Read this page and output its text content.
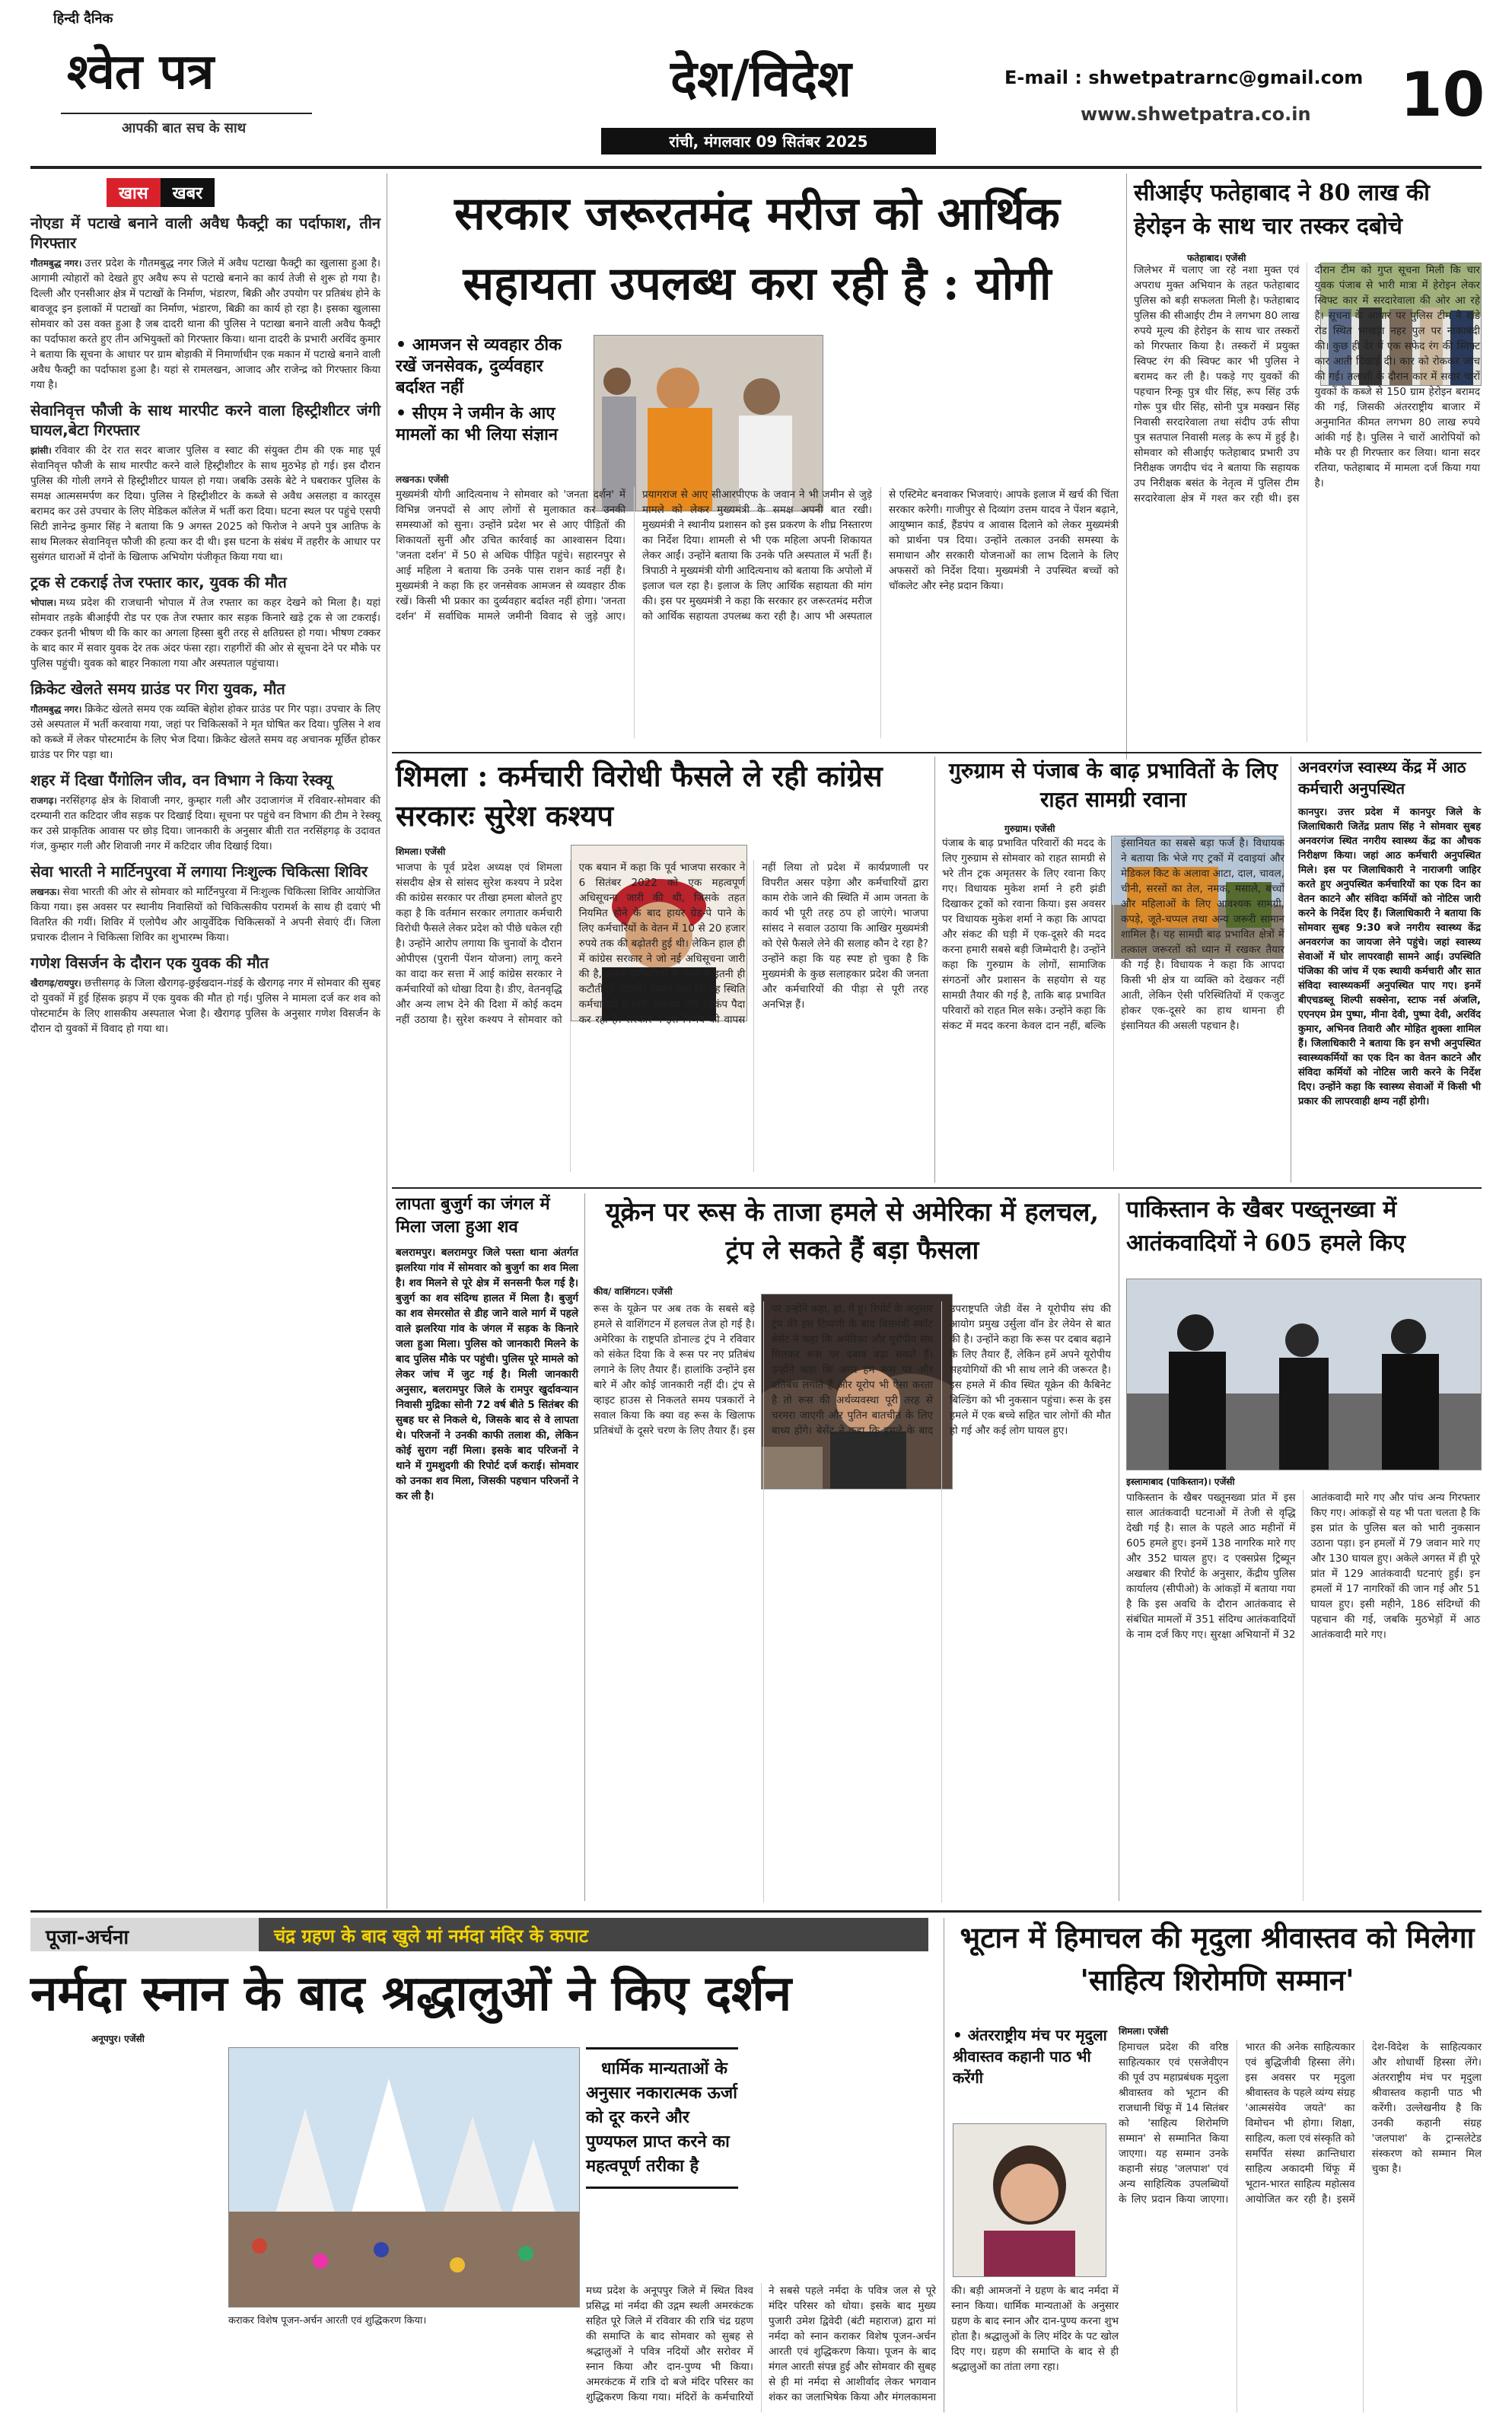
हिन्दी दैनिक
श्वेत पत्र
आपकी बात सच के साथ
देश/विदेश
रांची, मंगलवार 09 सितंबर 2025
E-mail : shwetpatrarnc@gmail.com
www.shwetpatra.co.in 10
खास खबर
नोएडा में पटाखे बनाने वाली अवैध फैक्ट्री का पर्दाफाश, तीन गिरफ्तार

गौतमबुद्ध नगर। उत्तर प्रदेश के गौतमबुद्ध नगर जिले में अवैध पटाखा फैक्ट्री का खुलासा हुआ है। आगामी त्योहारों को देखते हुए अवैध रूप से पटाखे बनाने का कार्य तेजी से शुरू हो गया है। दिल्ली और एनसीआर क्षेत्र में पटाखों के निर्माण, भंडारण, बिक्री और उपयोग पर प्रतिबंध होने के बावजूद इन इलाकों में पटाखों का निर्माण, भंडारण, बिक्री का कार्य हो रहा है। इसका खुलासा सोमवार को उस वक्त हुआ है जब दादरी थाना की पुलिस ने पटाखा बनाने वाली अवैध फैक्ट्री का पर्दाफाश करते हुए तीन अभियुक्तों को गिरफ्तार किया। थाना दादरी के प्रभारी अरविंद कुमार ने बताया कि सूचना के आधार पर ग्राम बोड़ाकी में निमार्णाधीन एक मकान में पटाखे बनाने वाली अवैध फैक्ट्री का पर्दाफाश हुआ है। यहां से रामलखन, आजाद और राजेन्द्र को गिरफ्तार किया गया है।

सेवानिवृत्त फौजी के साथ मारपीट करने वाला हिस्ट्रीशीटर जंगी घायल,बेटा गिरफ्तार

झांसी। रविवार की देर रात सदर बाजार पुलिस व स्वाट की संयुक्त टीम की एक माह पूर्व सेवानिवृत्त फौजी के साथ मारपीट करने वाले हिस्ट्रीशीटर के साथ मुठभेड़ हो गई। इस दौरान पुलिस की गोली लगने से हिस्ट्रीशीटर घायल हो गया। जबकि उसके बेटे ने घबराकर पुलिस के समक्ष आत्मसमर्पण कर दिया। पुलिस ने हिस्ट्रीशीटर के कब्जे से अवैध असलहा व कारतूस बरामद कर उसे उपचार के लिए मेडिकल कॉलेज में भर्ती करा दिया। घटना स्थल पर पहुंचे एसपी सिटी ज्ञानेन्द्र कुमार सिंह ने बताया कि 9 अगस्त 2025 को फिरोज ने अपने पुत्र आतिफ के साथ मिलकर सेवानिवृत्त फौजी की हत्या कर दी थी। इस घटना के संबंध में तहरीर के आधार पर सुसंगत धाराओं में दोनों के खिलाफ अभियोग पंजीकृत किया गया था।

ट्रक से टकराई तेज रफ्तार कार, युवक की मौत

भोपाल। मध्य प्रदेश की राजधानी भोपाल में तेज रफ्तार का कहर देखने को मिला है। यहां सोमवार तड़के बीआईपी रोड पर एक तेज रफ्तार कार सड़क किनारे खड़े ट्रक से जा टकराई। टक्कर इतनी भीषण थी कि कार का अगला हिस्सा बुरी तरह से क्षतिग्रस्त हो गया। भीषण टक्कर के बाद कार में सवार युवक देर तक अंदर फंसा रहा। राहगीरों की ओर से सूचना देने पर मौके पर पुलिस पहुंची। युवक को बाहर निकाला गया और अस्पताल पहुंचाया।

क्रिकेट खेलते समय ग्राउंड पर गिरा युवक, मौत

गौतमबुद्ध नगर। क्रिकेट खेलते समय एक व्यक्ति बेहोश होकर ग्राउंड पर गिर पड़ा। उपचार के लिए उसे अस्पताल में भर्ती करवाया गया, जहां पर चिकित्सकों ने मृत घोषित कर दिया। पुलिस ने शव को कब्जे में लेकर पोस्टमार्टम के लिए भेज दिया। क्रिकेट खेलते समय वह अचानक मूर्छित होकर ग्राउंड पर गिर पड़ा था।

शहर में दिखा पैंगोलिन जीव, वन विभाग ने किया रेस्क्यू

राजगढ़। नरसिंहगढ़ क्षेत्र के शिवाजी नगर, कुम्हार गली और उदाजागंज में रविवार-सोमवार की दरम्यानी रात कटिदार जीव सड़क पर दिखाई दिया। सूचना पर पहुंचे वन विभाग की टीम ने रेस्क्यू कर उसे प्राकृतिक आवास पर छोड़ दिया। जानकारी के अनुसार बीती रात नरसिंहगढ़ के उदावत गंज, कुम्हार गली और शिवाजी नगर में कटिदार जीव दिखाई दिया।

सेवा भारती ने मार्टिनपुरवा में लगाया निःशुल्क चिकित्सा शिविर

लखनऊ। सेवा भारती की ओर से सोमवार को मार्टिनपुरवा में निःशुल्क चिकित्सा शिविर आयोजित किया गया। इस अवसर पर स्थानीय निवासियों को चिकित्सकीय परामर्श के साथ ही दवाएं भी वितरित की गयीं। शिविर में एलोपैथ और आयुर्वेदिक चिकित्सकों ने अपनी सेवाएं दीं। जिला प्रचारक दीलान ने चिकित्सा शिविर का शुभारम्भ किया।

गणेश विसर्जन के दौरान एक युवक की मौत

खैरागढ़/रायपुर। छत्तीसगढ़ के जिला खैरागढ़-छुईखदान-गंडई के खैरागढ़ नगर में सोमवार की सुबह दो युवकों में हुई हिंसक झड़प में एक युवक की मौत हो गई। पुलिस ने मामला दर्ज कर शव को पोस्टमार्टम के लिए शासकीय अस्पताल भेजा है। खैरागढ़ पुलिस के अनुसार गणेश विसर्जन के दौरान दो युवकों में विवाद हो गया था।

सरकार जरूरतमंद मरीज को आर्थिक सहायता उपलब्ध करा रही है : योगी
• आमजन से व्यवहार ठीक रखें जनसेवक, दुर्व्यवहार बर्दाश्त नहीं
• सीएम ने जमीन के आए मामलों का भी लिया संज्ञान
लखनऊ। एजेंसी
मुख्यमंत्री योगी आदित्यनाथ ने सोमवार को 'जनता दर्शन' में विभिन्न जनपदों से आए लोगों से मुलाकात कर उनकी समस्याओं को सुना। उन्होंने प्रदेश भर से आए पीड़ितों की शिकायतों सुनीं और उचित कार्रवाई का आश्वासन दिया। 'जनता दर्शन' में 50 से अधिक पीड़ित पहुंचे। सहारनपुर से आई महिला ने बताया कि उनके पास राशन कार्ड नहीं है। मुख्यमंत्री ने कहा कि हर जनसेवक आमजन से व्यवहार ठीक रखें। किसी भी प्रकार का दुर्व्यवहार बर्दाश्त नहीं होगा। 'जनता दर्शन' में सर्वाधिक मामले जमीनी विवाद से जुड़े आए। प्रयागराज से आए सीआरपीएफ के जवान ने भी जमीन से जुड़े मामले को लेकर मुख्यमंत्री के समक्ष अपनी बात रखी। मुख्यमंत्री ने स्थानीय प्रशासन को इस प्रकरण के शीघ्र निस्तारण का निर्देश दिया। शामली से भी एक महिला अपनी शिकायत लेकर आईं। उन्होंने बताया कि उनके पति अस्पताल में भर्ती हैं। त्रिपाठी ने मुख्यमंत्री योगी आदित्यनाथ को बताया कि अपोलो में इलाज चल रहा है। इलाज के लिए आर्थिक सहायता की मांग की। इस पर मुख्यमंत्री ने कहा कि सरकार हर जरूरतमंद मरीज को आर्थिक सहायता उपलब्ध करा रही है। आप भी अस्पताल से एस्टिमेट बनवाकर भिजवाएं। आपके इलाज में खर्च की चिंता सरकार करेगी। गाजीपुर से दिव्यांग उत्तम यादव ने पेंशन बढ़ाने, आयुष्मान कार्ड, हैंडपंप व आवास दिलाने को लेकर मुख्यमंत्री को प्रार्थना पत्र दिया। उन्होंने तत्काल उनकी समस्या के समाधान और सरकारी योजनाओं का लाभ दिलाने के लिए अफसरों को निर्देश दिया। मुख्यमंत्री ने उपस्थित बच्चों को चॉकलेट और स्नेह प्रदान किया।
सीआईए फतेहाबाद ने 80 लाख की हेरोइन के साथ चार तस्कर दबोचे
फतेहाबाद। एजेंसी
जिलेभर में चलाए जा रहे नशा मुक्त एवं अपराध मुक्त अभियान के तहत फतेहाबाद पुलिस को बड़ी सफलता मिली है। फतेहाबाद पुलिस की सीआईए टीम ने लगभग 80 लाख रुपये मूल्य की हेरोइन के साथ चार तस्करों को गिरफ्तार किया है। तस्करों में प्रयुक्त स्विफ्ट रंग की स्विफ्ट कार भी पुलिस ने बरामद कर ली है। पकड़े गए युवकों की पहचान रिन्कू पुत्र धीर सिंह, रूप सिंह उर्फ गोरू पुत्र धीर सिंह, सोनी पुत्र मक्खन सिंह निवासी सरदारेवाला तथा संदीप उर्फ सीपा पुत्र सतपाल निवासी मलड़ के रूप में हुई है। सोमवार को सीआईए फतेहाबाद प्रभारी उप निरीक्षक जगदीप चंद ने बताया कि सहायक उप निरीक्षक बसंत के नेतृत्व में पुलिस टीम सरदारेवाला क्षेत्र में गश्त कर रही थी। इस दौरान टीम को गुप्त सूचना मिली कि चार युवक पंजाब से भारी मात्रा में हेरोइन लेकर स्विफ्ट कार में सरदारेवाला की ओर आ रहे हैं। सूचना के आधार पर पुलिस टीम ने खंडे रोड स्थित भाखड़ा नहर पुल पर नाकाबंदी की। कुछ ही देर में एक सफेद रंग की स्विफ्ट कार आती दिखाई दी। कार को रोककर जांच की गई। तलाशी के दौरान कार में सवार चारों युवकों के कब्जे से 150 ग्राम हेरोइन बरामद की गई, जिसकी अंतरराष्ट्रीय बाजार में अनुमानित कीमत लगभग 80 लाख रुपये आंकी गई है। पुलिस ने चारों आरोपियों को मौके पर ही गिरफ्तार कर लिया। थाना सदर रतिया, फतेहाबाद में मामला दर्ज किया गया है।
शिमला : कर्मचारी विरोधी फैसले ले रही कांग्रेस सरकारः सुरेश कश्यप
शिमला। एजेंसी
भाजपा के पूर्व प्रदेश अध्यक्ष एवं शिमला संसदीय क्षेत्र से सांसद सुरेश कश्यप ने प्रदेश की कांग्रेस सरकार पर तीखा हमला बोलते हुए कहा है कि वर्तमान सरकार लगातार कर्मचारी विरोधी फैसले लेकर प्रदेश को पीछे धकेल रही है। उन्होंने आरोप लगाया कि चुनावों के दौरान ओपीएस (पुरानी पेंशन योजना) लागू करने का वादा कर सत्ता में आई कांग्रेस सरकार ने कर्मचारियों को धोखा दिया है। डीए, वेतनवृद्धि और अन्य लाभ देने की दिशा में कोई कदम नहीं उठाया है। सुरेश कश्यप ने सोमवार को एक बयान में कहा कि पूर्व भाजपा सरकार ने 6 सितंबर 2022 को एक महत्वपूर्ण अधिसूचना जारी की थी, जिसके तहत नियमित होने के बाद हायर ग्रेड-पे पाने के लिए कर्मचारियों के वेतन में 10 से 20 हजार रुपये तक की बढ़ोतरी हुई थी। लेकिन हाल ही में कांग्रेस सरकार ने जो नई अधिसूचना जारी की है, उससे कर्मचारियों के वेतन में इतनी ही कटौती हो जाएगी। उन्होंने कहा कि यह स्थिति कर्मचारियों में भारी असंतोष और हड़कंप पैदा कर रही है। सरकार ने इस निर्णय को वापस नहीं लिया तो प्रदेश में कार्यप्रणाली पर विपरीत असर पड़ेगा और कर्मचारियों द्वारा काम रोके जाने की स्थिति में आम जनता के कार्य भी पूरी तरह ठप हो जाएंगे। भाजपा सांसद ने सवाल उठाया कि आखिर मुख्यमंत्री को ऐसे फैसले लेने की सलाह कौन दे रहा है? उन्होंने कहा कि यह स्पष्ट हो चुका है कि मुख्यमंत्री के कुछ सलाहकार प्रदेश की जनता और कर्मचारियों की पीड़ा से पूरी तरह अनभिज्ञ हैं।
गुरुग्राम से पंजाब के बाढ़ प्रभावितों के लिए राहत सामग्री रवाना
गुरुग्राम। एजेंसी
पंजाब के बाढ़ प्रभावित परिवारों की मदद के लिए गुरुग्राम से सोमवार को राहत सामग्री से भरे तीन ट्रक अमृतसर के लिए रवाना किए गए। विधायक मुकेश शर्मा ने हरी झंडी दिखाकर ट्रकों को रवाना किया। इस अवसर पर विधायक मुकेश शर्मा ने कहा कि आपदा और संकट की घड़ी में एक-दूसरे की मदद करना हमारी सबसे बड़ी जिम्मेदारी है। उन्होंने कहा कि गुरुग्राम के लोगों, सामाजिक संगठनों और प्रशासन के सहयोग से यह सामग्री तैयार की गई है, ताकि बाढ़ प्रभावित परिवारों को राहत मिल सके। उन्होंने कहा कि संकट में मदद करना केवल दान नहीं, बल्कि इंसानियत का सबसे बड़ा फर्ज है। विधायक ने बताया कि भेजे गए ट्रकों में दवाइयां और मेडिकल किट के अलावा आटा, दाल, चावल, चीनी, सरसों का तेल, नमक, मसाले, बच्चों और महिलाओं के लिए आवश्यक सामग्री, कपड़े, जूते-चप्पल तथा अन्य जरूरी सामान शामिल है। यह सामग्री बाढ़ प्रभावित क्षेत्रों में तत्काल जरूरतों को ध्यान में रखकर तैयार की गई है। विधायक ने कहा कि आपदा किसी भी क्षेत्र या व्यक्ति को देखकर नहीं आती, लेकिन ऐसी परिस्थितियों में एकजुट होकर एक-दूसरे का हाथ थामना ही इंसानियत की असली पहचान है।
अनवरगंज स्वास्थ्य केंद्र में आठ कर्मचारी अनुपस्थित
कानपुर। उत्तर प्रदेश में कानपुर जिले के जिलाधिकारी जितेंद्र प्रताप सिंह ने सोमवार सुबह अनवरगंज स्थित नगरीय स्वास्थ्य केंद्र का औचक निरीक्षण किया। जहां आठ कर्मचारी अनुपस्थित मिले। इस पर जिलाधिकारी ने नाराजगी जाहिर करते हुए अनुपस्थित कर्मचारियों का एक दिन का वेतन काटने और संविदा कर्मियों को नोटिस जारी करने के निर्देश दिए हैं। जिलाधिकारी ने बताया कि सोमवार सुबह 9:30 बजे नगरीय स्वास्थ्य केंद्र अनवरगंज का जायजा लेने पहुंचे। जहां स्वास्थ्य सेवाओं में घोर लापरवाही सामने आई। उपस्थिति पंजिका की जांच में एक स्थायी कर्मचारी और सात संविदा स्वास्थ्यकर्मी अनुपस्थित पाए गए। इनमें बीएचडब्लू शिल्पी सक्सेना, स्टाफ नर्स अंजलि, एएनएम प्रेम पुष्पा, मीना देवी, पुष्पा देवी, अरविंद कुमार, अभिनव तिवारी और मोहित शुक्ला शामिल हैं। जिलाधिकारी ने बताया कि इन सभी अनुपस्थित स्वास्थ्यकर्मियों का एक दिन का वेतन काटने और संविदा कर्मियों को नोटिस जारी करने के निर्देश दिए। उन्होंने कहा कि स्वास्थ्य सेवाओं में किसी भी प्रकार की लापरवाही क्षम्य नहीं होगी।
लापता बुजुर्ग का जंगल में मिला जला हुआ शव
बलरामपुर। बलरामपुर जिले पस्ता थाना अंतर्गत झलरिया गांव में सोमवार को बुजुर्ग का शव मिला है। शव मिलने से पूरे क्षेत्र में सनसनी फैल गई है। बुजुर्ग का शव संदिग्ध हालत में मिला है। बुजुर्ग का शव सेमरसोत से डीह जाने वाले मार्ग में पहले वाले झलरिया गांव के जंगल में सड़क के किनारे जला हुआ मिला। पुलिस को जानकारी मिलने के बाद पुलिस मौके पर पहुंची। पुलिस पूरे मामले को लेकर जांच में जुट गई है। मिली जानकारी अनुसार, बलरामपुर जिले के रामपुर खुर्दावन्यान निवासी मुद्रिका सोनी 72 वर्ष बीते 5 सितंबर की सुबह घर से निकले थे, जिसके बाद से वे लापता थे। परिजनों ने उनकी काफी तलाश की, लेकिन कोई सुराग नहीं मिला। इसके बाद परिजनों ने थाने में गुमशुदगी की रिपोर्ट दर्ज कराई। सोमवार को उनका शव मिला, जिसकी पहचान परिजनों ने कर ली है।
यूक्रेन पर रूस के ताजा हमले से अमेरिका में हलचल, ट्रंप ले सकते हैं बड़ा फैसला
कीव/ वाशिंगटन। एजेंसी
रूस के यूक्रेन पर अब तक के सबसे बड़े हमले से वाशिंगटन में हलचल तेज हो गई है। अमेरिका के राष्ट्रपति डोनाल्ड ट्रंप ने रविवार को संकेत दिया कि वे रूस पर नए प्रतिबंध लगाने के लिए तैयार हैं। हालांकि उन्होंने इस बारे में और कोई जानकारी नहीं दी। ट्रंप से व्हाइट हाउस से निकलते समय पत्रकारों ने सवाल किया कि क्या वह रूस के खिलाफ प्रतिबंधों के दूसरे चरण के लिए तैयार हैं। इस पर उन्होंने कहा, हां, मैं हूं। रिपोर्ट के अनुसार ट्रंप की इस टिप्पणी के बाद वित्तमंत्री स्कॉट बेसेंट ने कहा कि अमेरिका और यूरोपीय संघ मिलकर रूस पर दबाव बढ़ा सकते हैं। उन्होंने कहा कि अगर हम रूस पर और प्रतिबंध लगाते हैं और यूरोप भी ऐसा करता है तो रूस की अर्थव्यवस्था पूरी तरह से चरमरा जाएगी और पुतिन बातचीत के लिए बाध्य होंगे। बेसेंट ने कहा कि हमले के बाद उपराष्ट्रपति जेडी वेंस ने यूरोपीय संघ की आयोग प्रमुख उर्सुला वॉन डेर लेयेन से बात की है। उन्होंने कहा कि रूस पर दबाव बढ़ाने के लिए तैयार हैं, लेकिन हमें अपने यूरोपीय सहयोगियों की भी साथ लाने की जरूरत है। इस हमले में कीव स्थित यूक्रेन की कैबिनेट बिल्डिंग को भी नुकसान पहुंचा। रूस के इस हमले में एक बच्चे सहित चार लोगों की मौत हो गई और कई लोग घायल हुए।
पाकिस्तान के खैबर पख्तूनख्वा में आतंकवादियों ने 605 हमले किए
इस्लामाबाद (पाकिस्तान)। एजेंसी
पाकिस्तान के खैबर पख्तूनख्वा प्रांत में इस साल आतंकवादी घटनाओं में तेजी से वृद्धि देखी गई है। साल के पहले आठ महीनों में 605 हमले हुए। इनमें 138 नागरिक मारे गए और 352 घायल हुए। द एक्सप्रेस ट्रिब्यून अखबार की रिपोर्ट के अनुसार, केंद्रीय पुलिस कार्यालय (सीपीओ) के आंकड़ों में बताया गया है कि इस अवधि के दौरान आतंकवाद से संबंधित मामलों में 351 संदिग्ध आतंकवादियों के नाम दर्ज किए गए। सुरक्षा अभियानों में 32 आतंकवादी मारे गए और पांच अन्य गिरफ्तार किए गए। आंकड़ों से यह भी पता चलता है कि इस प्रांत के पुलिस बल को भारी नुकसान उठाना पड़ा। इन हमलों में 79 जवान मारे गए और 130 घायल हुए। अकेले अगस्त में ही पूरे प्रांत में 129 आतंकवादी घटनाएं हुई। इन हमलों में 17 नागरिकों की जान गई और 51 घायल हुए। इसी महीने, 186 संदिग्धों की पहचान की गई, जबकि मुठभेड़ों में आठ आतंकवादी मारे गए।
पूजा-अर्चना	चंद्र ग्रहण के बाद खुले मां नर्मदा मंदिर के कपाट
नर्मदा स्नान के बाद श्रद्धालुओं ने किए दर्शन
अनूपपुर। एजेंसी
धार्मिक मान्यताओं के अनुसार नकारात्मक ऊर्जा को दूर करने और पुण्यफल प्राप्त करने का महत्वपूर्ण तरीका है
कराकर विशेष पूजन-अर्चन आरती एवं शुद्धिकरण किया।
मध्य प्रदेश के अनूपपुर जिले में स्थित विश्व प्रसिद्ध मां नर्मदा की उद्गम स्थली अमरकंटक सहित पूरे जिले में रविवार की रात्रि चंद्र ग्रहण की समाप्ति के बाद सोमवार को सुबह से श्रद्धालुओं ने पवित्र नदियों और सरोवर में स्नान किया और दान-पुण्य भी किया। अमरकंटक में रात्रि दो बजे मंदिर परिसर का शुद्धिकरण किया गया। मंदिरों के कर्मचारियों ने सबसे पहले नर्मदा के पवित्र जल से पूरे मंदिर परिसर को धोया। इसके बाद मुख्य पुजारी उमेश द्विवेदी (बंटी महाराज) द्वारा मां नर्मदा को स्नान कराकर विशेष पूजन-अर्चन आरती एवं शुद्धिकरण किया। पूजन के बाद मंगल आरती संपन्न हुई और सोमवार की सुबह से ही मां नर्मदा से आशीर्वाद लेकर भगवान शंकर का जलाभिषेक किया और मंगलकामना की। बड़ी आमजनों ने ग्रहण के बाद नर्मदा में स्नान किया। धार्मिक मान्यताओं के अनुसार ग्रहण के बाद स्नान और दान-पुण्य करना शुभ होता है। श्रद्धालुओं के लिए मंदिर के पट खोल दिए गए। ग्रहण की समाप्ति के बाद से ही श्रद्धालुओं का तांता लगा रहा।
भूटान में हिमाचल की मृदुला श्रीवास्तव को मिलेगा 'साहित्य शिरोमणि सम्मान'
• अंतरराष्ट्रीय मंच पर मृदुला श्रीवास्तव कहानी पाठ भी करेंगी
शिमला। एजेंसी
हिमाचल प्रदेश की वरिष्ठ साहित्यकार एवं एसजेवीएन की पूर्व उप महाप्रबंधक मृदुला श्रीवास्तव को भूटान की राजधानी थिंफू में 14 सितंबर को 'साहित्य शिरोमणि सम्मान' से सम्मानित किया जाएगा। यह सम्मान उनके कहानी संग्रह 'जलपाश' एवं अन्य साहित्यिक उपलब्धियों के लिए प्रदान किया जाएगा। भारत की अनेक साहित्यकार एवं बुद्धिजीवी हिस्सा लेंगे। इस अवसर पर मृदुला श्रीवास्तव के पहले व्यंग्य संग्रह 'आत्मसंयेव जयते' का विमोचन भी होगा। शिक्षा, साहित्य, कला एवं संस्कृति को समर्पित संस्था क्रान्तिधारा साहित्य अकादमी थिंफू में भूटान-भारत साहित्य महोत्सव आयोजित कर रही है। इसमें देश-विदेश के साहित्यकार और शोधार्थी हिस्सा लेंगे। अंतरराष्ट्रीय मंच पर मृदुला श्रीवास्तव कहानी पाठ भी करेंगी। उल्लेखनीय है कि उनकी कहानी संग्रह 'जलपाश' के ट्रान्सलेटेड संस्करण को सम्मान मिल चुका है।
